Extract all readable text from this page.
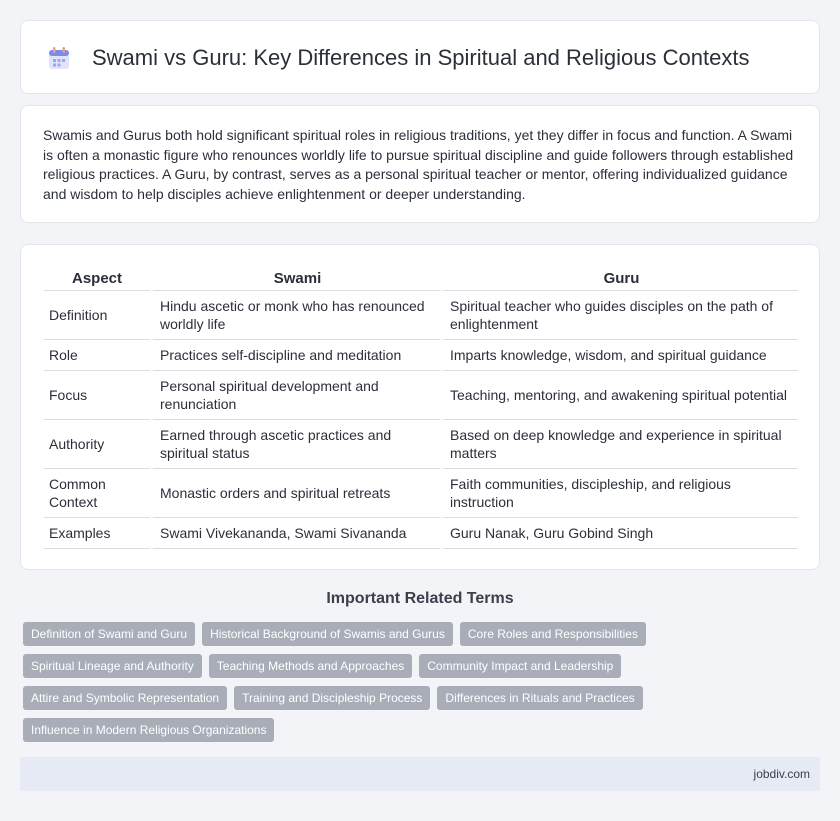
Swami vs Guru: Key Differences in Spiritual and Religious Contexts

Swamis and Gurus both hold significant spiritual roles in religious traditions, yet they differ in focus and function. A Swami is often a monastic figure who renounces worldly life to pursue spiritual discipline and guide followers through established religious practices. A Guru, by contrast, serves as a personal spiritual teacher or mentor, offering individualized guidance and wisdom to help disciples achieve enlightenment or deeper understanding.

Aspect	Swami	Guru
Definition	Hindu ascetic or monk who has renounced worldly life	Spiritual teacher who guides disciples on the path of enlightenment
Role	Practices self-discipline and meditation	Imparts knowledge, wisdom, and spiritual guidance
Focus	Personal spiritual development and renunciation	Teaching, mentoring, and awakening spiritual potential
Authority	Earned through ascetic practices and spiritual status	Based on deep knowledge and experience in spiritual matters
Common Context	Monastic orders and spiritual retreats	Faith communities, discipleship, and religious instruction
Examples	Swami Vivekananda, Swami Sivananda	Guru Nanak, Guru Gobind Singh
Important Related Terms
Definition of Swami and Guru	Historical Background of Swamis and Gurus	Core Roles and Responsibilities
Spiritual Lineage and Authority	Teaching Methods and Approaches	Community Impact and Leadership
Attire and Symbolic Representation	Training and Discipleship Process	Differences in Rituals and Practices
Influence in Modern Religious Organizations
jobdiv.com
